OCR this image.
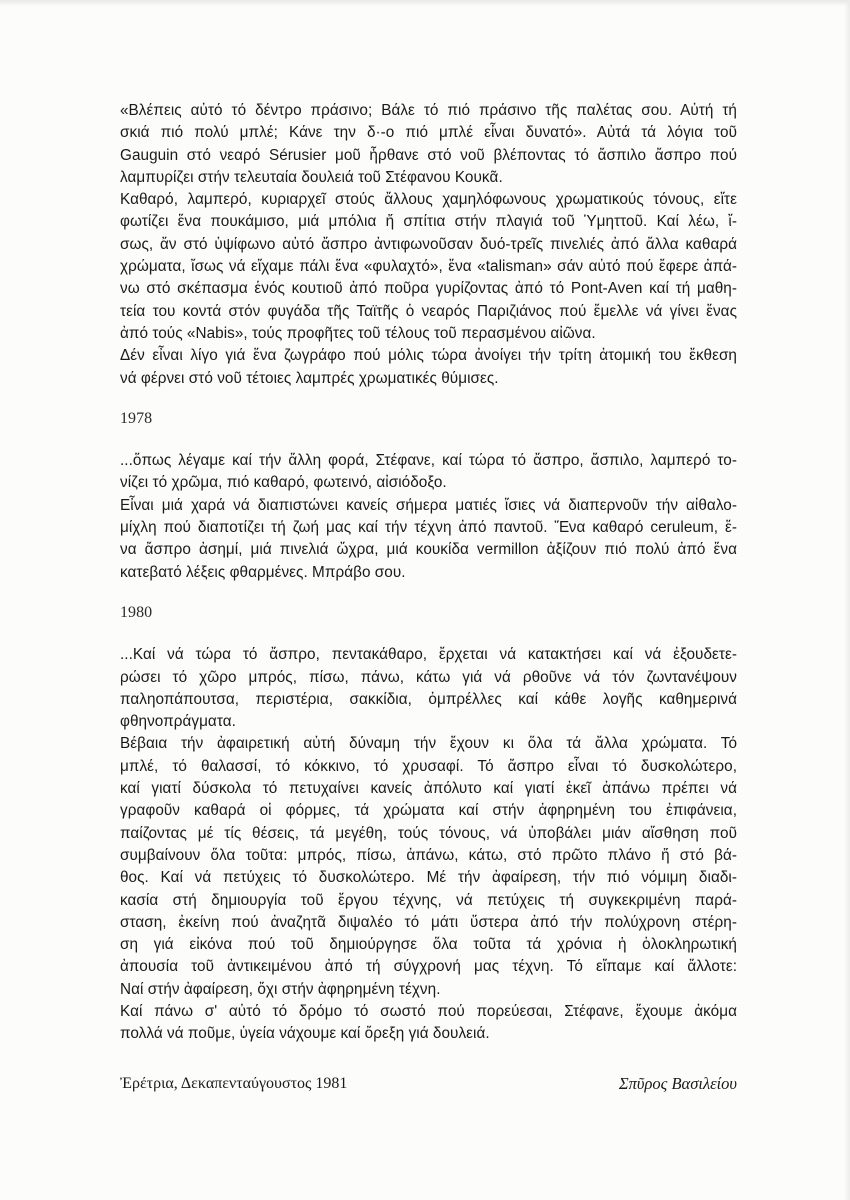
«Βλέπεις αὐτό τό δέντρο πράσινο; Βάλε τό πιό πράσινο τῆς παλέτας σου. Αὐτή τή
σκιά πιό πολύ μπλέ; Κάνε την δ·-ο πιό μπλέ εἶναι δυνατό». Αὐτά τά λόγια τοῦ
Gauguin στό νεαρό Sérusier μοῦ ἦρθανε στό νοῦ βλέποντας τό ἄσπιλο ἄσπρο πού
λαμπυρίζει στήν τελευταία δουλειά τοῦ Στέφανου Κουκᾶ.
Καθαρό, λαμπερό, κυριαρχεῖ στούς ἄλλους χαμηλόφωνους χρωματικούς τόνους, εἴτε
φωτίζει ἕνα πουκάμισο, μιά μπόλια ἤ σπίτια στήν πλαγιά τοῦ Ὑμηττοῦ. Καί λέω, ἴ-
σως, ἄν στό ὑψίφωνο αὐτό ἄσπρο ἀντιφωνοῦσαν δυό-τρεῖς πινελιές ἀπό ἄλλα καθαρά
χρώματα, ἴσως νά εἴχαμε πάλι ἕνα «φυλαχτό», ἕνα «talisman» σάν αὐτό πού ἔφερε ἀπά-
νω στό σκέπασμα ἑνός κουτιοῦ ἀπό ποῦρα γυρίζοντας ἀπό τό Pont-Aven καί τή μαθη-
τεία του κοντά στόν φυγάδα τῆς Ταϊτῆς ὁ νεαρός Παριζιάνος πού ἔμελλε νά γίνει ἕνας
ἀπό τούς «Nabis», τούς προφῆτες τοῦ τέλους τοῦ περασμένου αἰῶνα.
Δέν εἶναι λίγο γιά ἕνα ζωγράφο πού μόλις τώρα ἀνοίγει τήν τρίτη ἀτομική του ἔκθεση
νά φέρνει στό νοῦ τέτοιες λαμπρές χρωματικές θύμισες.
1978
...ὅπως λέγαμε καί τήν ἄλλη φορά, Στέφανε, καί τώρα τό ἄσπρο, ἄσπιλο, λαμπερό το-
νίζει τό χρῶμα, πιό καθαρό, φωτεινό, αἰσιόδοξο.
Εἶναι μιά χαρά νά διαπιστώνει κανείς σήμερα ματιές ἴσιες νά διαπερνοῦν τήν αἰθαλο-
μίχλη πού διαποτίζει τή ζωή μας καί τήν τέχνη ἀπό παντοῦ. Ἕνα καθαρό ceruleum, ἕ-
να ἄσπρο ἀσημί, μιά πινελιά ὤχρα, μιά κουκίδα vermillon ἀξίζουν πιό πολύ ἀπό ἕνα
κατεβατό λέξεις φθαρμένες. Μπράβο σου.
1980
...Καί νά τώρα τό ἄσπρο, πεντακάθαρο, ἔρχεται νά κατακτήσει καί νά ἐξουδετε-
ρώσει τό χῶρο μπρός, πίσω, πάνω, κάτω γιά νά ρθοῦνε νά τόν ζωντανέψουν
παληοπάπουτσα, περιστέρια, σακκίδια, ὀμπρέλλες καί κάθε λογῆς καθημερινά
φθηνοπράγματα.
Βέβαια τήν ἀφαιρετική αὐτή δύναμη τήν ἔχουν κι ὅλα τά ἄλλα χρώματα. Τό
μπλέ, τό θαλασσί, τό κόκκινο, τό χρυσαφί. Τό ἄσπρο εἶναι τό δυσκολώτερο,
καί γιατί δύσκολα τό πετυχαίνει κανείς ἀπόλυτο καί γιατί ἐκεῖ ἀπάνω πρέπει νά
γραφοῦν καθαρά οἱ φόρμες, τά χρώματα καί στήν ἀφηρημένη του ἐπιφάνεια,
παίζοντας μέ τίς θέσεις, τά μεγέθη, τούς τόνους, νά ὑποβάλει μιάν αἴσθηση ποῦ
συμβαίνουν ὅλα τοῦτα: μπρός, πίσω, ἀπάνω, κάτω, στό πρῶτο πλάνο ἤ στό βά-
θος. Καί νά πετύχεις τό δυσκολώτερο. Μέ τήν ἀφαίρεση, τήν πιό νόμιμη διαδι-
κασία στή δημιουργία τοῦ ἔργου τέχνης, νά πετύχεις τή συγκεκριμένη παρά-
σταση, ἐκείνη πού ἀναζητᾶ διψαλέο τό μάτι ὕστερα ἀπό τήν πολύχρονη στέρη-
ση γιά εἰκόνα πού τοῦ δημιούργησε ὅλα τοῦτα τά χρόνια ἡ ὁλοκληρωτική
ἀπουσία τοῦ ἀντικειμένου ἀπό τή σύγχρονή μας τέχνη. Τό εἴπαμε καί ἄλλοτε:
Ναί στήν ἀφαίρεση, ὄχι στήν ἀφηρημένη τέχνη.
Καί πάνω σ' αὐτό τό δρόμο τό σωστό πού πορεύεσαι, Στέφανε, ἔχουμε ἀκόμα
πολλά νά ποῦμε, ὑγεία νάχουμε καί ὄρεξη γιά δουλειά.
Ἐρέτρια, Δεκαπενταύγουστος 1981	Σπῦρος Βασιλείου
